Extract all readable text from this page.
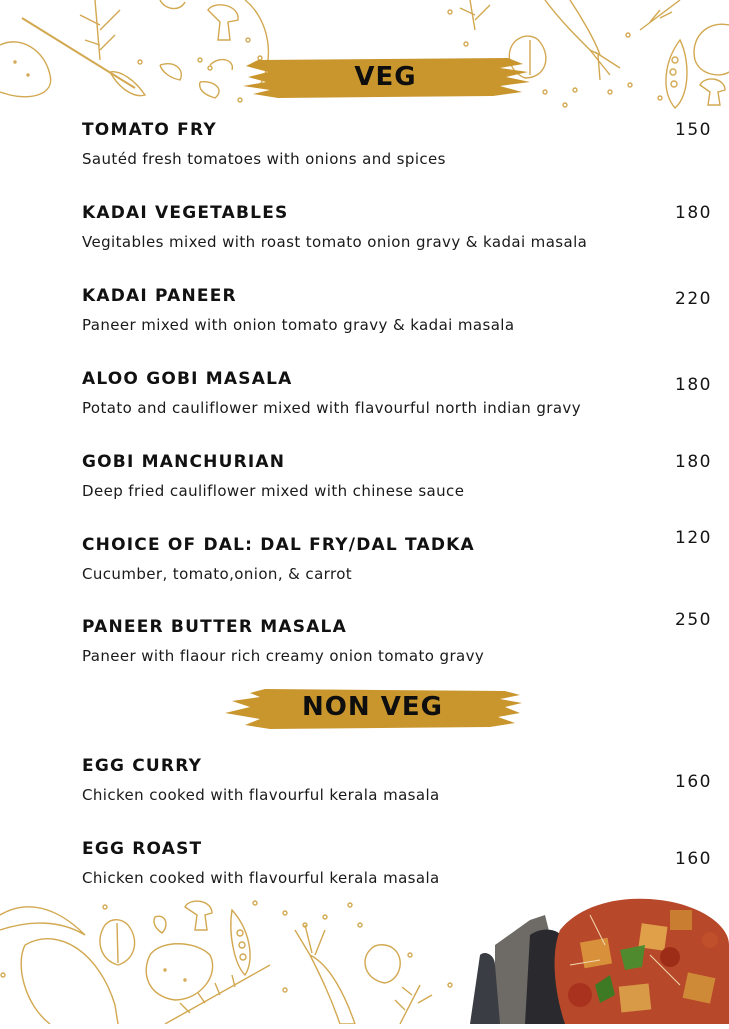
VEG
TOMATO FRY
Sautéd fresh tomatoes with onions and spices
150
KADAI VEGETABLES
Vegitables mixed with roast tomato onion gravy & kadai masala
180
KADAI PANEER
Paneer mixed with onion tomato gravy & kadai masala
220
ALOO GOBI MASALA
Potato and cauliflower mixed with flavourful north indian gravy
180
GOBI MANCHURIAN
Deep fried cauliflower mixed with chinese sauce
180
CHOICE OF DAL: DAL FRY/DAL TADKA
Cucumber, tomato,onion, & carrot
120
PANEER BUTTER MASALA
Paneer with flaour rich creamy onion tomato gravy
250
NON VEG
EGG CURRY
Chicken cooked with flavourful kerala masala
160
EGG ROAST
Chicken cooked with flavourful kerala masala
160
